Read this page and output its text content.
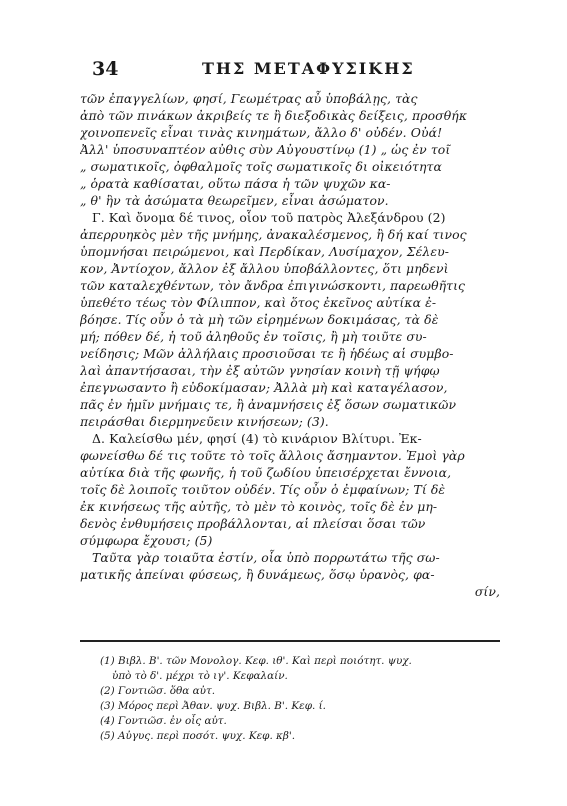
34	ΤΗΣ ΜΕΤΑΦΥΣΙΚΗΣ
τῶν ἐπαγγελίων, φησί, Γεωμέτρας αὖ ὑποβάλῃς, τὰς
ἀπὸ τῶν πινάκων ἀκριβείς τε ἢ διεξοδικὰς δείξεις, προσθήκ
χοινοπενεῖς εἶναι τινὰς κινημάτων, ἄλλο δ' οὐδέν. Οὐά!
Ἀλλ' ὑποσυναπτέον αὐθις σὺν Αὐγουστίνῳ (1) „ ὡς ἐν τοῖ
„ σωματικοῖς, ὀφθαλμοῖς τοῖς σωματικοῖς δι οἰκειότητα
„ ὁρατὰ καθίσαται, οὕτω πάσα ἡ τῶν ψυχῶν κα-
„ θ' ἣν τὰ ἀσώματα θεωρεῖμεν, εἶναι ἀσώματον.
Γ. Καὶ ὄνομα δέ τινος, οἷον τοῦ πατρὸς Ἀλεξάνδρου (2)
ἀπερρυηκὸς μὲν τῆς μνήμης, ἀνακαλέσμενος, ἢ δή καί τινος
ὑπομνήσαι πειρώμενοι, καὶ Περδίκαν, Λυσίμαχον, Σέλευ-
κον, Ἀντίοχον, ἄλλον ἐξ ἄλλου ὑποβάλλοντες, ὅτι μηδενὶ
τῶν καταλεχθέντων, τὸν ἄνδρα ἐπιγινώσκοντι, παρεωθῆτις
ὑπεθέτο τέως τὸν Φίλιππον, καὶ ὅτος ἐκεῖνος αὐτίκα ἐ-
βόησε. Τίς οὖν ὁ τὰ μὴ τῶν εἰρημένων δοκιμάσας, τὰ δὲ
μή; πόθεν δέ, ἡ τοῦ ἀληθοῦς ἐν τοῖσις, ἢ μὴ τοιῦτε συ-
νείδησις; Μῶν ἀλλήλαις προσιοῦσαι τε ἢ ἡδέως αἱ συμβο-
λαὶ ἀπαντήσασαι, τὴν ἐξ αὐτῶν γνησίαν κοινὴ τῇ ψήφῳ
ἐπεγνωσαντο ἢ εὐδοκίμασαν; Ἀλλὰ μὴ καὶ καταγέλασον,
πᾶς ἐν ἡμῖν μνήμαις τε, ἢ ἀναμνήσεις ἐξ ὅσων σωματικῶν
πειράσθαι διερμηνεῦειν κινήσεων; (3).
Δ. Καλείσθω μέν, φησί (4) τὸ κινάριον Βλίτυρι. Ἐκ-
φωνείσθω δέ τις τοῦτε τὸ τοῖς ἄλλοις ἄσημαντον. Ἐμοὶ γὰρ
αὐτίκα διὰ τῆς φωνῆς, ἡ τοῦ ζωδίου ὑπεισέρχεται ἔννοια,
τοῖς δὲ λοιποῖς τοιῦτον οὐδέν. Τίς οὖν ὁ ἐμφαίνων; Τί δὲ
ἐκ κινήσεως τῆς αὐτῆς, τὸ μὲν τὸ κοινὸς, τοῖς δὲ ἐν μη-
δενὸς ἐνθυμήσεις προβάλλονται, αἱ πλείσαι ὅσαι τῶν
σύμφωρα ἔχουσι; (5)
Ταῦτα γὰρ τοιαῦτα ἐστίν, οἷα ὑπὸ πορρωτάτω τῆς σω-
ματικῆς ἀπείναι φύσεως, ἢ δυνάμεως, ὅσῳ ὑρανὸς, φα-
σίν,
(1) Βιβλ. Β'. τῶν Μονολογ. Κεφ. ιθ'. Καὶ περὶ ποιότητ. ψυχ.
ὑπὸ τὸ δ'. μέχρι τὸ ιγ'. Κεφαλαίν.
(2) Γοντιῶσ. ὅθα αὐτ.
(3) Μόρος περὶ Ἀθαν. ψυχ. Βιβλ. Β'. Κεφ. ί.
(4) Γοντιῶσ. ἐν οἷς αὐτ.
(5) Αὐγυς. περὶ ποσότ. ψυχ. Κεφ. κβ'.
